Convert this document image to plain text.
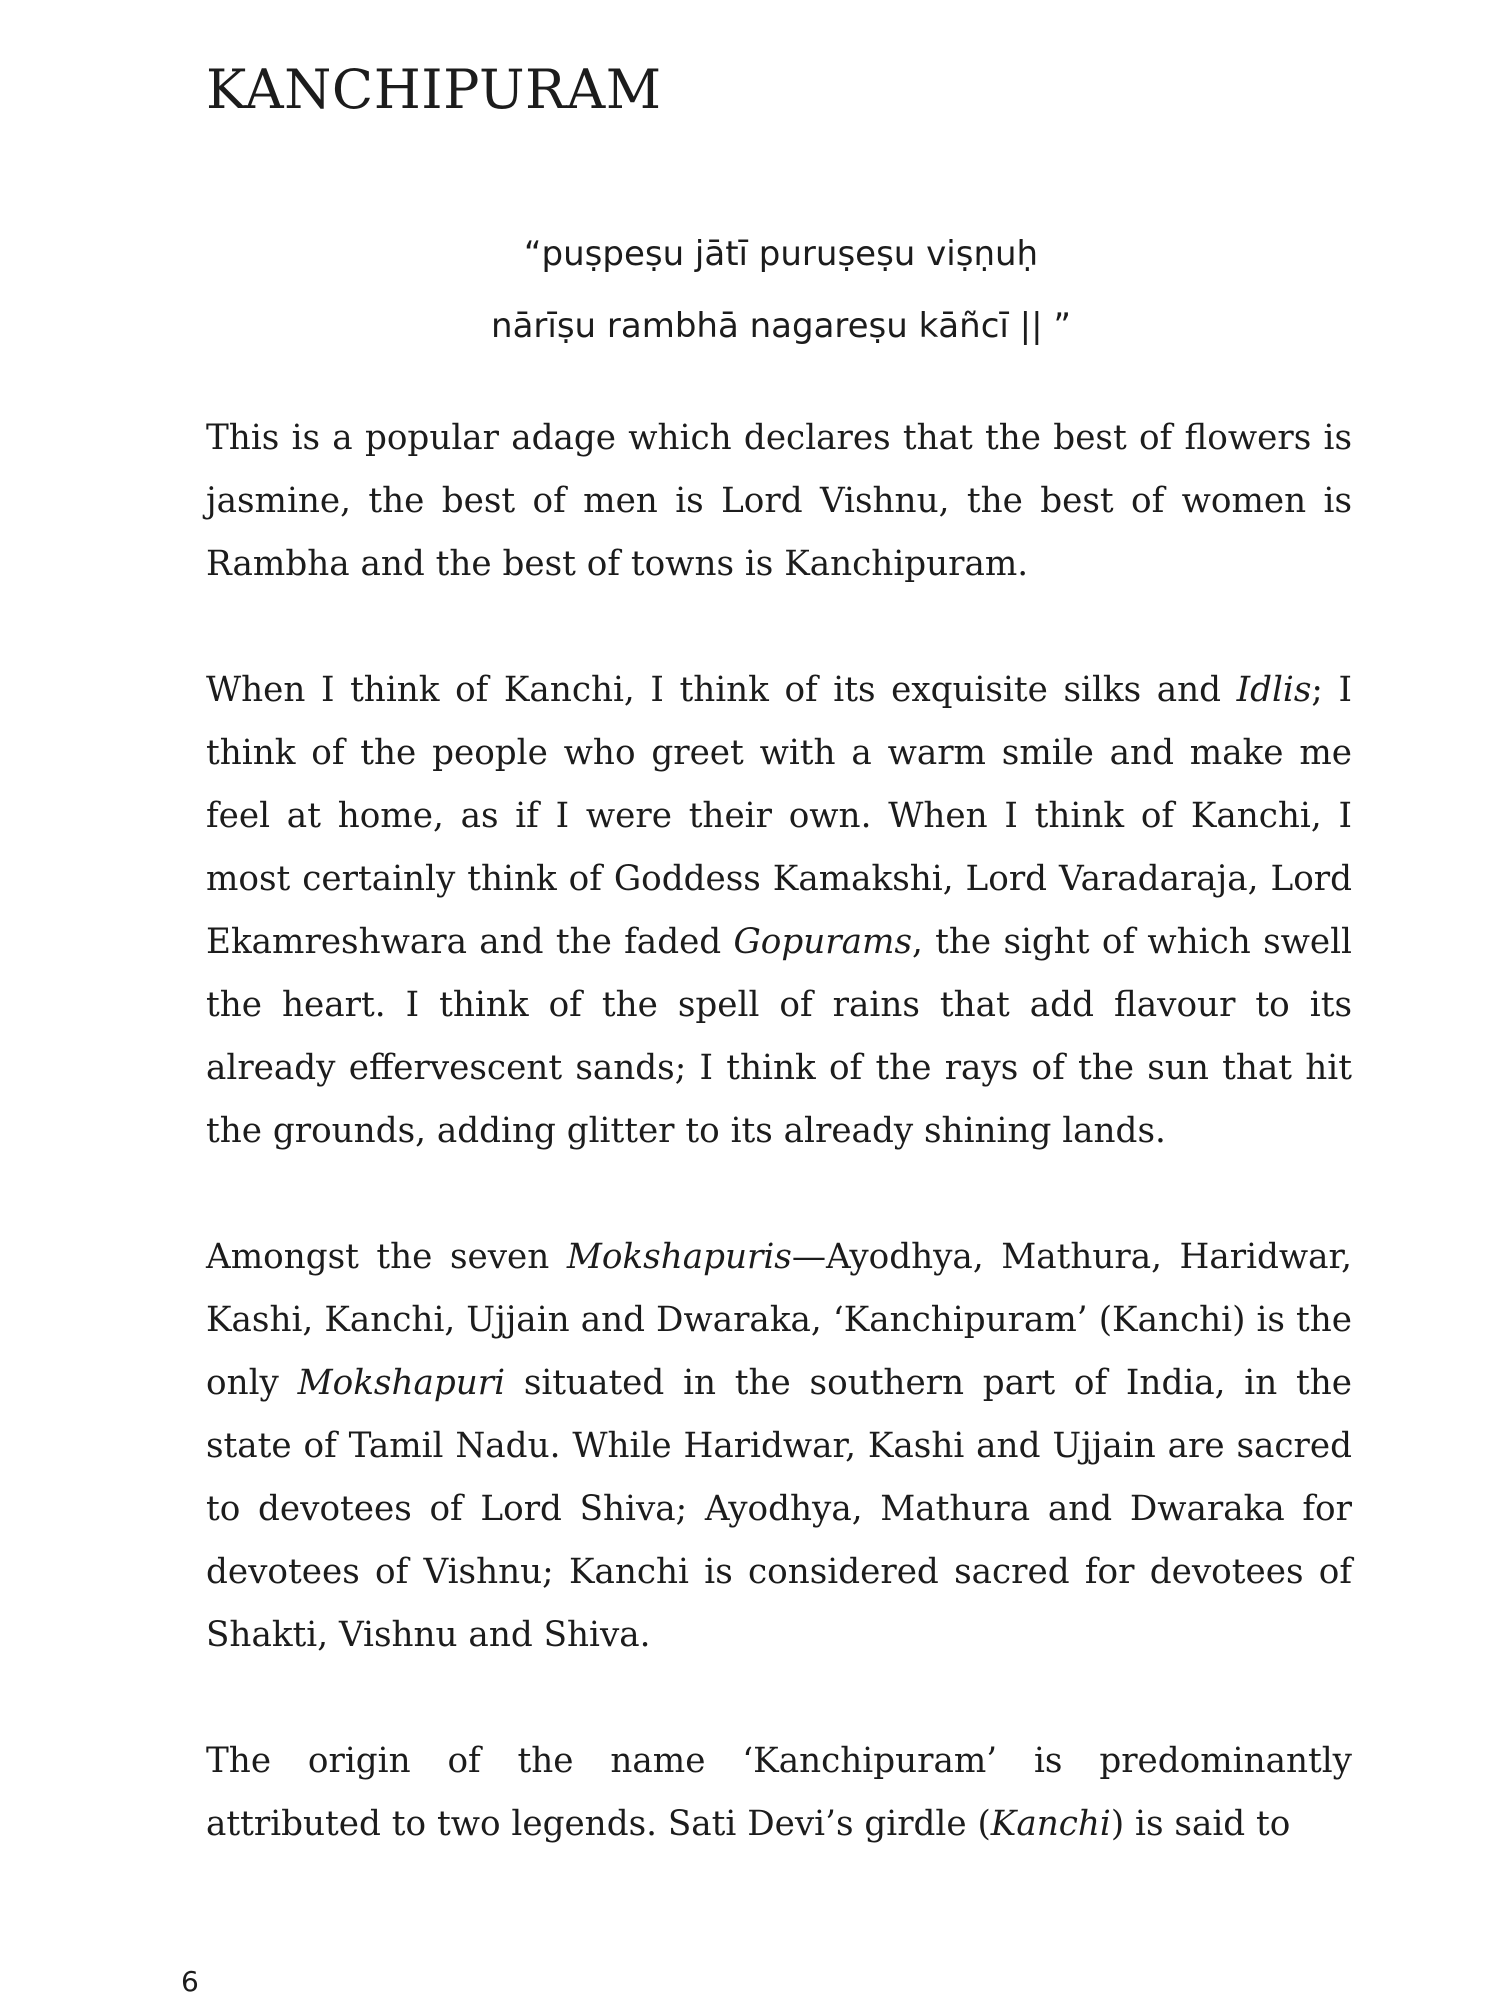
KANCHIPURAM
“puṣpeṣu jātī puruṣeṣu viṣṇuḥ
nārīṣu rambhā nagareṣu kāñcī || ”

This is a popular adage which declares that the best of flowers is jasmine, the best of men is Lord Vishnu, the best of women is Rambha and the best of towns is Kanchipuram.

When I think of Kanchi, I think of its exquisite silks and Idlis; I think of the people who greet with a warm smile and make me feel at home, as if I were their own. When I think of Kanchi, I most certainly think of Goddess Kamakshi, Lord Varadaraja, Lord Ekamreshwara and the faded Gopurams, the sight of which swell the heart. I think of the spell of rains that add flavour to its already effervescent sands; I think of the rays of the sun that hit the grounds, adding glitter to its already shining lands.

Amongst the seven Mokshapuris—Ayodhya, Mathura, Haridwar, Kashi, Kanchi, Ujjain and Dwaraka, ‘Kanchipuram’ (Kanchi) is the only Mokshapuri situated in the southern part of India, in the state of Tamil Nadu. While Haridwar, Kashi and Ujjain are sacred to devotees of Lord Shiva; Ayodhya, Mathura and Dwaraka for devotees of Vishnu; Kanchi is considered sacred for devotees of Shakti, Vishnu and Shiva.

The origin of the name ‘Kanchipuram’ is predominantly attributed to two legends. Sati Devi’s girdle (Kanchi) is said to

6
